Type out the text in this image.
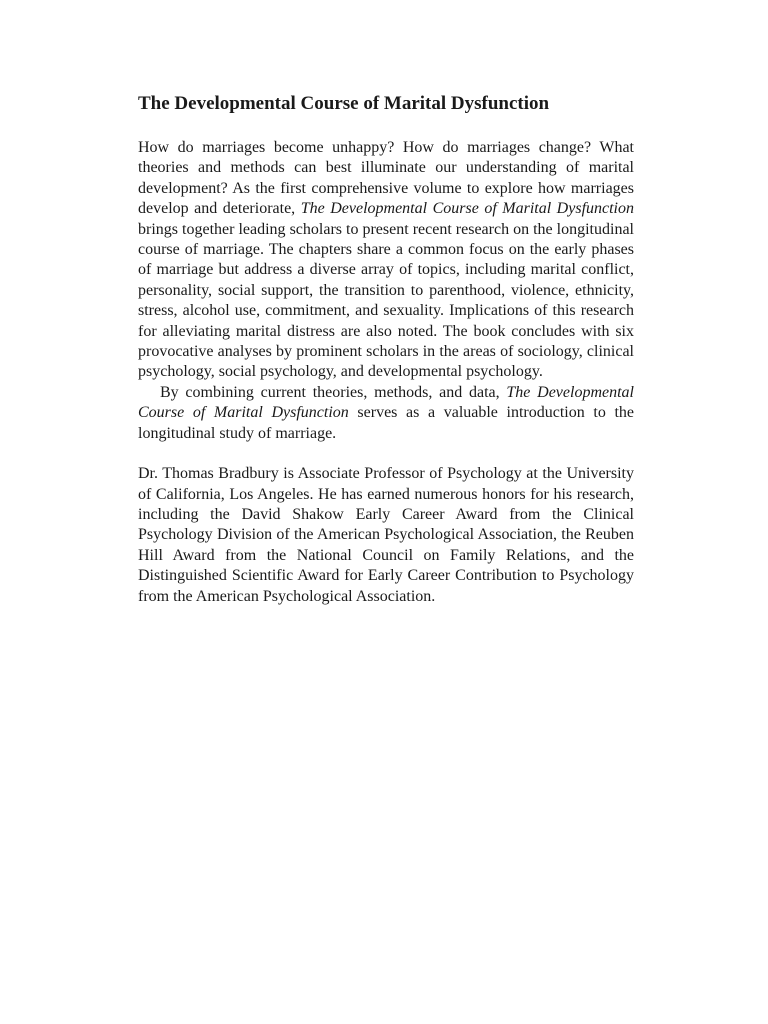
The Developmental Course of Marital Dysfunction

How do marriages become unhappy? How do marriages change? What theories and methods can best illuminate our understanding of marital development? As the first comprehensive volume to explore how marriages develop and deteriorate, The Developmental Course of Marital Dysfunction brings together leading scholars to present recent research on the longitudinal course of marriage. The chapters share a common focus on the early phases of marriage but address a diverse array of topics, including marital conflict, personality, social support, the transition to parenthood, violence, ethnicity, stress, alcohol use, commitment, and sexuality. Implications of this research for alleviating marital distress are also noted. The book concludes with six provocative analyses by prominent scholars in the areas of sociology, clinical psychology, social psychology, and developmental psychology.

By combining current theories, methods, and data, The Developmental Course of Marital Dysfunction serves as a valuable introduction to the longitudinal study of marriage.

Dr. Thomas Bradbury is Associate Professor of Psychology at the University of California, Los Angeles. He has earned numerous honors for his research, including the David Shakow Early Career Award from the Clinical Psychology Division of the American Psychological Association, the Reuben Hill Award from the National Council on Family Relations, and the Distinguished Scientific Award for Early Career Contribution to Psychology from the American Psychological Association.
